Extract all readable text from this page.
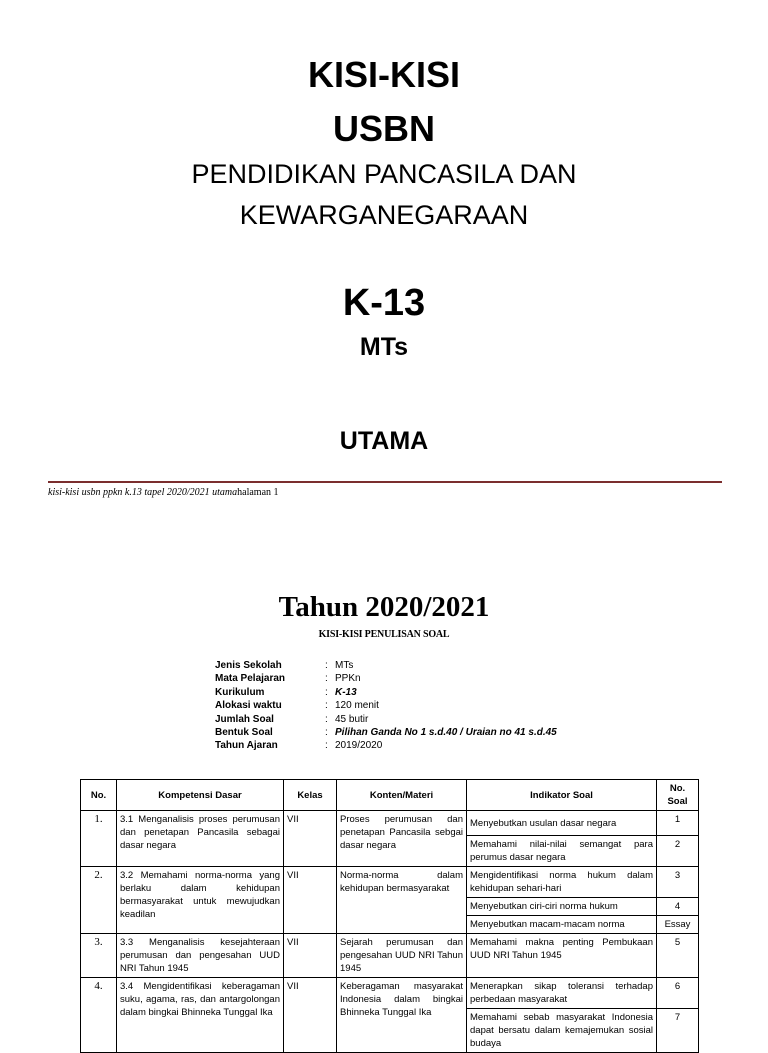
KISI-KISI
USBN
PENDIDIKAN PANCASILA DAN
KEWARGANEGARAAN
K-13
MTs
UTAMA
kisi-kisi usbn ppkn k.13 tapel 2020/2021 utamahalaman 1
Tahun 2020/2021
KISI-KISI PENULISAN SOAL
Jenis Sekolah	: MTs
Mata Pelajaran	: PPKn
Kurikulum	: K-13
Alokasi waktu	: 120 menit
Jumlah Soal	: 45 butir
Bentuk Soal	: Pilihan Ganda No 1 s.d.40 / Uraian no 41 s.d.45
Tahun Ajaran	: 2019/2020
No.	Kompetensi Dasar	Kelas	Konten/Materi	Indikator Soal	No. Soal
1.	3.1 Menganalisis proses perumusan dan penetapan Pancasila sebagai dasar negara	VII	Proses perumusan dan penetapan Pancasila sebgai dasar negara	Menyebutkan usulan dasar negara	1
				Memahami nilai-nilai semangat para perumus dasar negara	2
2.	3.2 Memahami norma-norma yang berlaku dalam kehidupan bermasyarakat untuk mewujudkan keadilan	VII	Norma-norma dalam kehidupan bermasyarakat	Mengidentifikasi norma hukum dalam kehidupan sehari-hari	3
				Menyebutkan ciri-ciri norma hukum	4
				Menyebutkan macam-macam norma	Essay
3.	3.3 Menganalisis kesejahteraan perumusan dan pengesahan UUD NRI Tahun 1945	VII	Sejarah perumusan dan pengesahan UUD NRI Tahun 1945	Memahami makna penting Pembukaan UUD NRI Tahun 1945	5
4.	3.4 Mengidentifikasi keberagaman suku, agama, ras, dan antargolongan dalam bingkai Bhinneka Tunggal Ika	VII	Keberagaman masyarakat Indonesia dalam bingkai Bhinneka Tunggal Ika	Menerapkan sikap toleransi terhadap perbedaan masyarakat	6
				Memahami sebab masyarakat Indonesia dapat bersatu dalam kemajemukan sosial budaya	7
